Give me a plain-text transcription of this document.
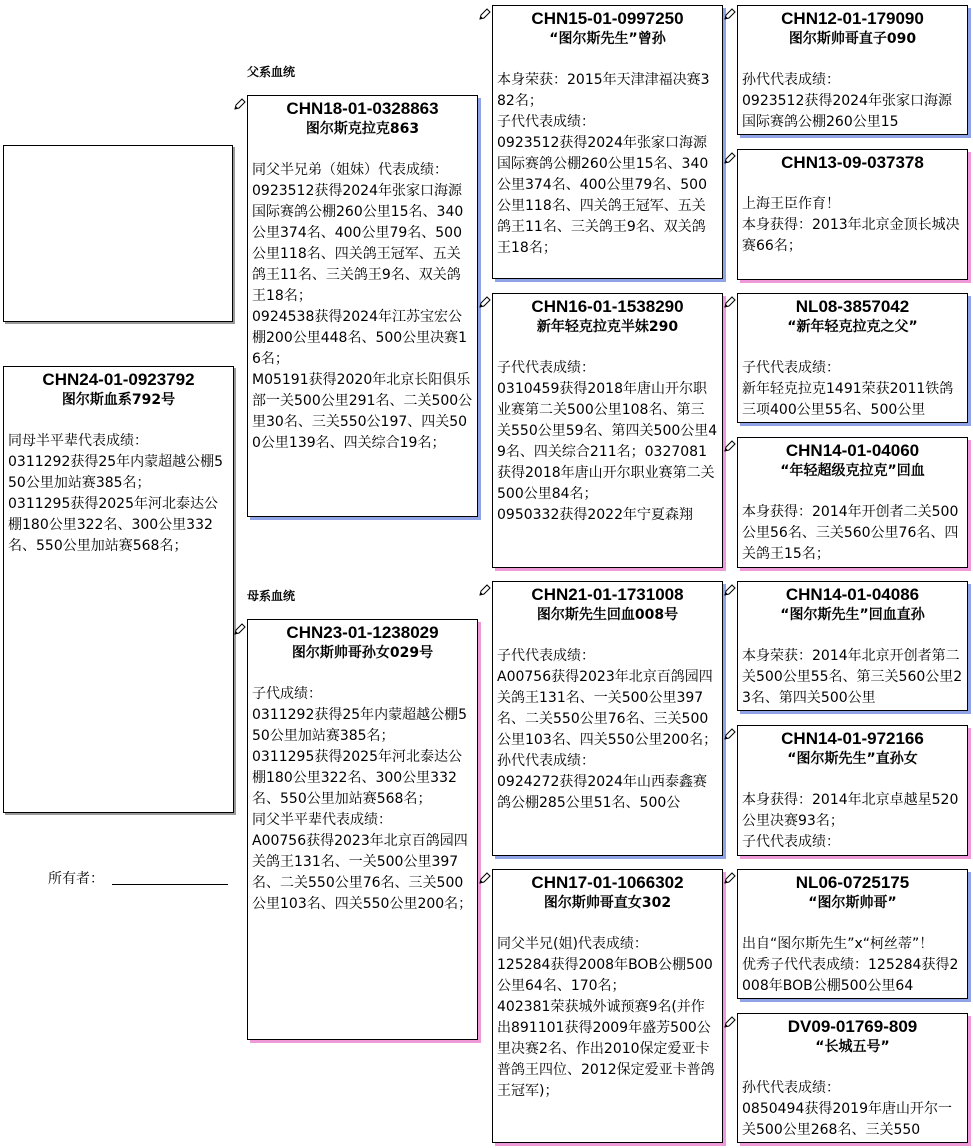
父系血统
母系血统
所有者：
CHN24-01-0923792
图尔斯血系792号

同母半平辈代表成绩：
0311292获得25年内蒙超越公棚550公里加站赛385名；
0311295获得2025年河北泰达公棚180公里322名、300公里332名、550公里加站赛568名；
CHN18-01-0328863
图尔斯克拉克863

同父半兄弟（姐妹）代表成绩：
0923512获得2024年张家口海源国际赛鸽公棚260公里15名、340公里374名、400公里79名、500公里118名、四关鸽王冠军、五关鸽王11名、三关鸽王9名、双关鸽王18名；
0924538获得2024年江苏宝宏公棚200公里448名、500公里决赛16名；
M05191获得2020年北京长阳俱乐部一关500公里291名、二关500公里30名、三关550公197、四关500公里139名、四关综合19名；
CHN23-01-1238029
图尔斯帅哥孙女029号

子代成绩：
0311292获得25年内蒙超越公棚550公里加站赛385名；
0311295获得2025年河北泰达公棚180公里322名、300公里332名、550公里加站赛568名；
同父半平辈代表成绩：
A00756获得2023年北京百鸽园四关鸽王131名、一关500公里397名、二关550公里76名、三关500公里103名、四关550公里200名；
CHN15-01-0997250
“图尔斯先生”曾孙

本身荣获：2015年天津津福决赛382名；
子代代表成绩：
0923512获得2024年张家口海源国际赛鸽公棚260公里15名、340公里374名、400公里79名、500公里118名、四关鸽王冠军、五关鸽王11名、三关鸽王9名、双关鸽王18名；
CHN16-01-1538290
新年轻克拉克半妹290

子代代表成绩：
0310459获得2018年唐山开尔职业赛第二关500公里108名、第三关550公里59名、第四关500公里49名、四关综合211名；0327081获得2018年唐山开尔职业赛第二关500公里84名；
0950332获得2022年宁夏森翔
CHN21-01-1731008
图尔斯先生回血008号

子代代表成绩：
A00756获得2023年北京百鸽园四关鸽王131名、一关500公里397名、二关550公里76名、三关500公里103名、四关550公里200名；
孙代代表成绩：
0924272获得2024年山西泰鑫赛鸽公棚285公里51名、500公
CHN17-01-1066302
图尔斯帅哥直女302

同父半兄(姐)代表成绩：
125284获得2008年BOB公棚500公里64名、170名；
402381荣获城外诚预赛9名(并作出891101获得2009年盛芳500公里决赛2名、作出2010保定爱亚卡普鸽王四位、2012保定爱亚卡普鸽王冠军)；
CHN12-01-179090
图尔斯帅哥直子090

孙代代表成绩：
0923512获得2024年张家口海源国际赛鸽公棚260公里15
CHN13-09-037378

上海王臣作育！
本身获得：2013年北京金顶长城决赛66名；
NL08-3857042
“新年轻克拉克之父”

子代代表成绩：
新年轻克拉克1491荣获2011铁鸽三项400公里55名、500公里
CHN14-01-04060
“年轻超级克拉克”回血

本身获得：2014年开创者二关500公里56名、三关560公里76名、四关鸽王15名；
CHN14-01-04086
“图尔斯先生”回血直孙

本身荣获：2014年北京开创者第二关500公里55名、第三关560公里23名、第四关500公里
CHN14-01-972166
“图尔斯先生”直孙女

本身获得：2014年北京卓越星520公里决赛93名；
子代代表成绩：
NL06-0725175
“图尔斯帅哥”

出自“图尔斯先生”x“柯丝蒂”！
优秀子代代表成绩：125284获得2008年BOB公棚500公里64
DV09-01769-809
“长城五号”

孙代代表成绩：
0850494获得2019年唐山开尔一关500公里268名、三关550
